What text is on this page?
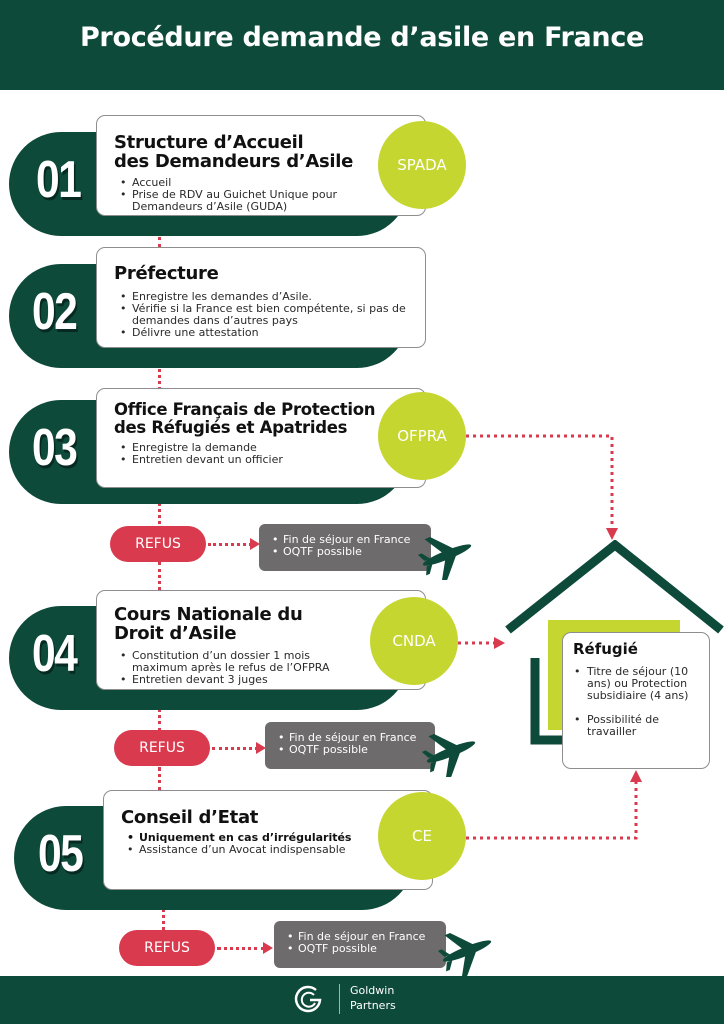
Procédure demande d’asile en France
01
Structure d’Accueil
des Demandeurs d’Asile
• Accueil
• Prise de RDV au Guichet Unique pour Demandeurs d’Asile (GUDA)
SPADA
02
Préfecture
• Enregistre les demandes d’Asile.
• Vérifie si la France est bien compétente, si pas de demandes dans d’autres pays
• Délivre une attestation
03
Office Français de Protection
des Réfugiés et Apatrides
• Enregistre la demande
• Entretien devant un officier
OFPRA
REFUS
•	Fin de séjour en France
• OQTF possible
04
Cours Nationale du
Droit d’Asile
• Constitution d’un dossier 1 mois maximum après le refus de l’OFPRA
• Entretien devant 3 juges
CNDA
REFUS
• Fin de séjour en France
• OQTF possible
05
Conseil d’Etat
• Uniquement en cas d’irrégularités
• Assistance d’un Avocat indispensable
CE
REFUS
• Fin de séjour en France
• OQTF possible
Réfugié
• Titre de séjour (10 ans) ou Protection subsidiaire (4 ans)
• Possibilité de travailler
Goldwin
Partners
